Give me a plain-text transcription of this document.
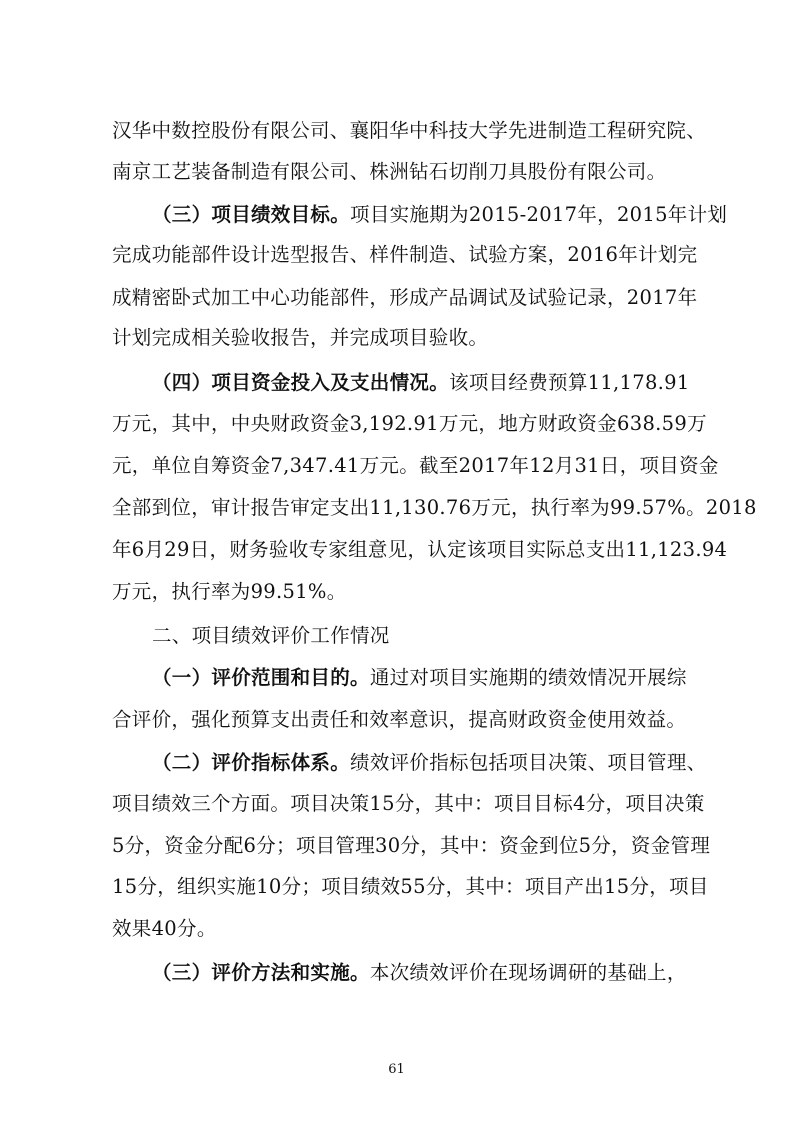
汉华中数控股份有限公司、襄阳华中科技大学先进制造工程研究院、
南京工艺装备制造有限公司、株洲钻石切削刀具股份有限公司。
（三）项目绩效目标。项目实施期为2015-2017年，2015年计划
完成功能部件设计选型报告、样件制造、试验方案，2016年计划完
成精密卧式加工中心功能部件，形成产品调试及试验记录，2017年
计划完成相关验收报告，并完成项目验收。
（四）项目资金投入及支出情况。该项目经费预算11,178.91
万元，其中，中央财政资金3,192.91万元，地方财政资金638.59万
元，单位自筹资金7,347.41万元。截至2017年12月31日，项目资金
全部到位，审计报告审定支出11,130.76万元，执行率为99.57%。2018
年6月29日，财务验收专家组意见，认定该项目实际总支出11,123.94
万元，执行率为99.51%。
二、项目绩效评价工作情况
（一）评价范围和目的。通过对项目实施期的绩效情况开展综
合评价，强化预算支出责任和效率意识，提高财政资金使用效益。
（二）评价指标体系。绩效评价指标包括项目决策、项目管理、
项目绩效三个方面。项目决策15分，其中：项目目标4分，项目决策
5分，资金分配6分；项目管理30分，其中：资金到位5分，资金管理
15分，组织实施10分；项目绩效55分，其中：项目产出15分，项目
效果40分。
（三）评价方法和实施。本次绩效评价在现场调研的基础上，
61
